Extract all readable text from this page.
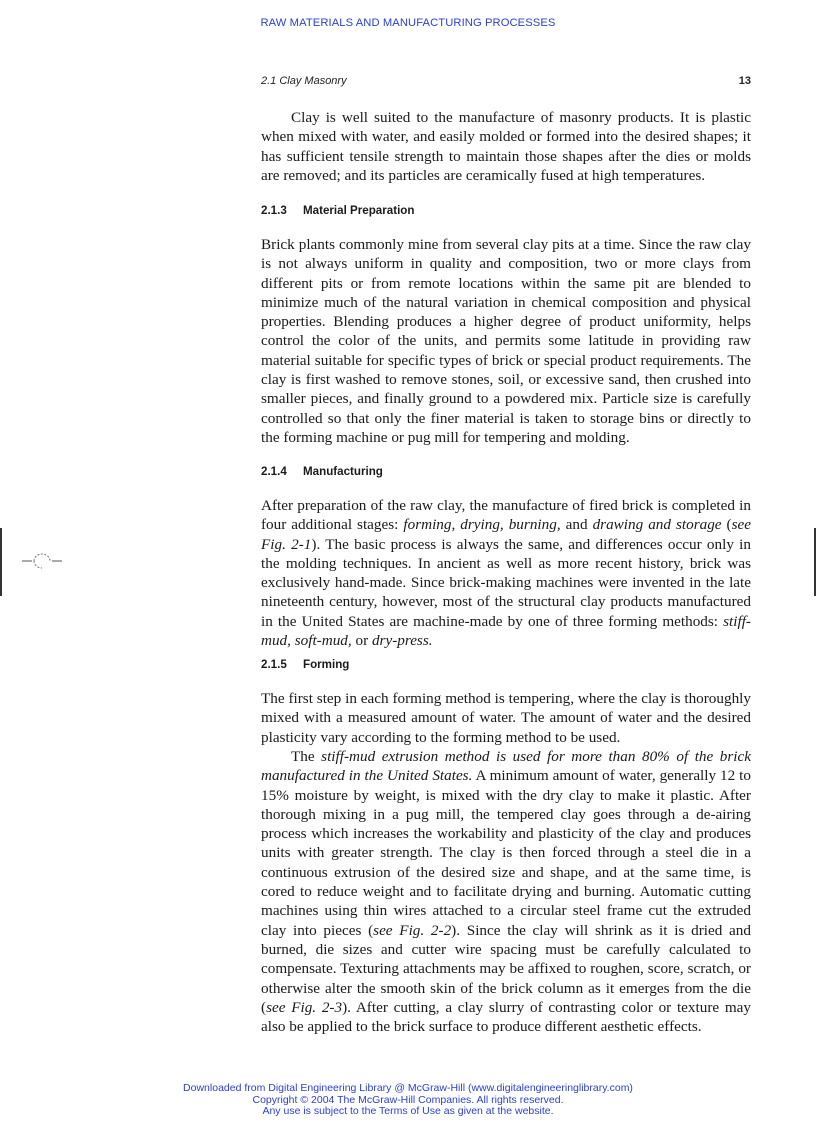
RAW MATERIALS AND MANUFACTURING PROCESSES
2.1 Clay Masonry	13

Clay is well suited to the manufacture of masonry products. It is plastic when mixed with water, and easily molded or formed into the desired shapes; it has sufficient tensile strength to maintain those shapes after the dies or molds are removed; and its particles are ceramically fused at high temperatures.

2.1.3 Material Preparation

Brick plants commonly mine from several clay pits at a time. Since the raw clay is not always uniform in quality and composition, two or more clays from different pits or from remote locations within the same pit are blended to minimize much of the natural variation in chemical composition and physical properties. Blending produces a higher degree of product uniformity, helps control the color of the units, and permits some latitude in providing raw material suitable for specific types of brick or special product requirements. The clay is first washed to remove stones, soil, or excessive sand, then crushed into smaller pieces, and finally ground to a powdered mix. Particle size is carefully controlled so that only the finer material is taken to storage bins or directly to the forming machine or pug mill for tempering and molding.

2.1.4 Manufacturing

After preparation of the raw clay, the manufacture of fired brick is completed in four additional stages: forming, drying, burning, and drawing and storage (see Fig. 2-1). The basic process is always the same, and differences occur only in the molding techniques. In ancient as well as more recent history, brick was exclusively hand-made. Since brick-making machines were invented in the late nineteenth century, however, most of the structural clay products manufactured in the United States are machine-made by one of three forming methods: stiff-mud, soft-mud, or dry-press.

2.1.5 Forming

The first step in each forming method is tempering, where the clay is thoroughly mixed with a measured amount of water. The amount of water and the desired plasticity vary according to the forming method to be used.

The stiff-mud extrusion method is used for more than 80% of the brick manufactured in the United States. A minimum amount of water, generally 12 to 15% moisture by weight, is mixed with the dry clay to make it plastic. After thorough mixing in a pug mill, the tempered clay goes through a de-airing process which increases the workability and plasticity of the clay and produces units with greater strength. The clay is then forced through a steel die in a continuous extrusion of the desired size and shape, and at the same time, is cored to reduce weight and to facilitate drying and burning. Automatic cutting machines using thin wires attached to a circular steel frame cut the extruded clay into pieces (see Fig. 2-2). Since the clay will shrink as it is dried and burned, die sizes and cutter wire spacing must be carefully calculated to compensate. Texturing attachments may be affixed to roughen, score, scratch, or otherwise alter the smooth skin of the brick column as it emerges from the die (see Fig. 2-3). After cutting, a clay slurry of contrasting color or texture may also be applied to the brick surface to produce different aesthetic effects.

Downloaded from Digital Engineering Library @ McGraw-Hill (www.digitalengineeringlibrary.com)
Copyright © 2004 The McGraw-Hill Companies. All rights reserved.
Any use is subject to the Terms of Use as given at the website.
